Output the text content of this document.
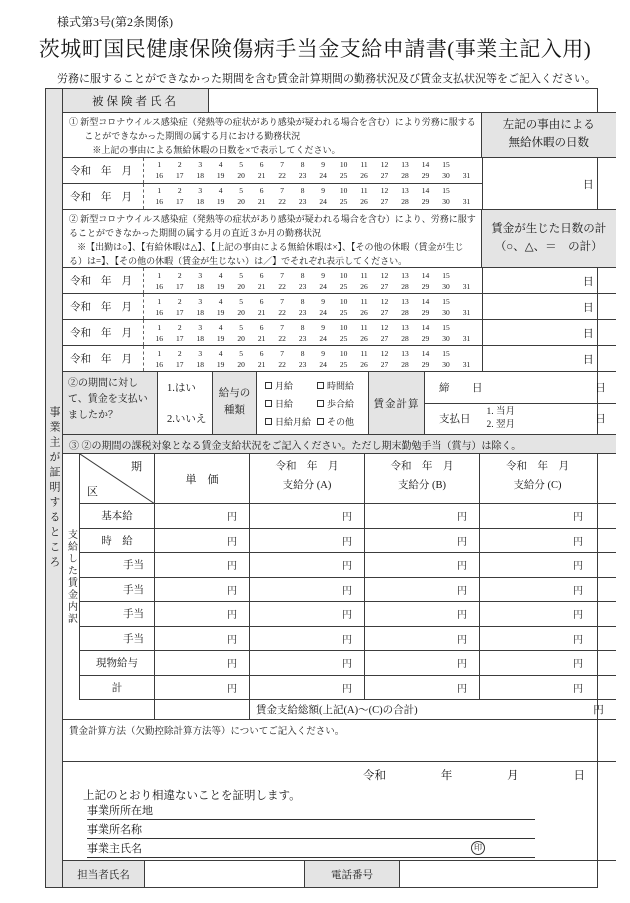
様式第3号(第2条関係)
茨城町国民健康保険傷病手当金支給申請書(事業主記入用)
労務に服することができなかった期間を含む賃金計算期間の勤務状況及び賃金支払状況等をご記入ください。
事業主が証明するところ
被保険者氏名
① 新型コロナウイルス感染症（発熱等の症状があり感染が疑われる場合を含む）により労務に服する
ことができなかった期間の属する月における勤務状況
※上記の事由による無給休暇の日数を×で表示してください。
左記の事由による
無給休暇の日数
令和 年 月
1	2	3	4	5	6	7	8	9	10	11	12	13	14	15
16	17	18	19	20	21	22	23	24	25	26	27	28	29	30	31
令和 年 月
1	2	3	4	5	6	7	8	9	10	11	12	13	14	15
16	17	18	19	20	21	22	23	24	25	26	27	28	29	30	31
日
② 新型コロナウイルス感染症（発熱等の症状があり感染が疑われる場合を含む）により、労務に服す
ることができなかった期間の属する月の直近３か月の勤務状況
※【出勤は○】、【有給休暇は△】、【上記の事由による無給休暇は×】、【その他の休暇（賃金が生じ
る）は=】、【その他の休暇（賃金が生じない）は／】でそれぞれ表示してください。
賃金が生じた日数の計
（○、△、＝　の計）
令和 年 月
1	2	3	4	5	6	7	8	9	10	11	12	13	14	15
16	17	18	19	20	21	22	23	24	25	26	27	28	29	30	31	日
令和 年 月
1	2	3	4	5	6	7	8	9	10	11	12	13	14	15
16	17	18	19	20	21	22	23	24	25	26	27	28	29	30	31	日
令和 年 月
1	2	3	4	5	6	7	8	9	10	11	12	13	14	15
16	17	18	19	20	21	22	23	24	25	26	27	28	29	30	31	日
令和 年 月
1	2	3	4	5	6	7	8	9	10	11	12	13	14	15
16	17	18	19	20	21	22	23	24	25	26	27	28	29	30	31	日
②の期間に対して、賃金を支払いましたか？
1.はい
2.いいえ
給与の
種類
月給	時間給
日給	歩合給
日給月給 その他
賃金計算
締　日	日
支払日
1. 当月
2. 翌月	日
③ ②の期間の課税対象となる賃金支給状況をご記入ください。ただし期末勤勉手当（賞与）は除く。
支給した賃金内訳
期
区
単　価
令和　年　月
支給分 (A)
令和　年　月
支給分 (B)
令和　年　月
支給分 (C)
基本給	円	円	円	円
時　給	円	円	円	円
手当	円	円	円	円
手当	円	円	円	円
手当	円	円	円	円
手当	円	円	円	円
現物給与	円	円	円	円
計	円	円	円	円
賃金支給総額(上記(A)～(C)の合計)	円
賃金計算方法（欠勤控除計算方法等）についてご記入ください。
令和	年	月	日
上記のとおり相違ないことを証明します。
事業所所在地
事業所名称
事業主氏名	印
担当者氏名	電話番号
